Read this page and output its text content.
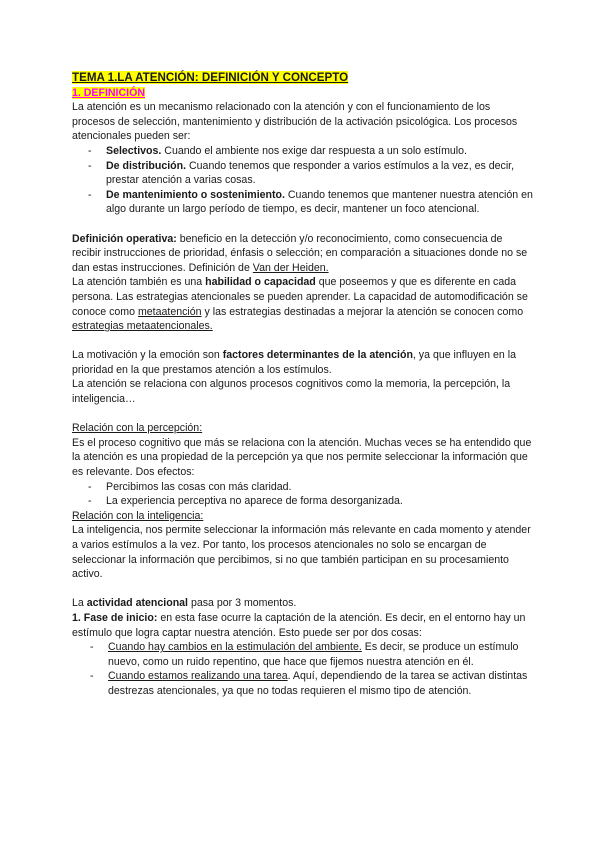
TEMA 1.LA ATENCIÓN: DEFINICIÓN Y CONCEPTO

1. DEFINICIÓN

La atención es un mecanismo relacionado con la atención y con el funcionamiento de los procesos de selección, mantenimiento y distribución de la activación psicológica. Los procesos atencionales pueden ser:

- Selectivos. Cuando el ambiente nos exige dar respuesta a un solo estímulo.
- De distribución. Cuando tenemos que responder a varios estímulos a la vez, es decir, prestar atención a varias cosas.
- De mantenimiento o sostenimiento. Cuando tenemos que mantener nuestra atención en algo durante un largo período de tiempo, es decir, mantener un foco atencional.

Definición operativa: beneficio en la detección y/o reconocimiento, como consecuencia de recibir instrucciones de prioridad, énfasis o selección; en comparación a situaciones donde no se dan estas instrucciones. Definición de Van der Heiden.

La atención también es una habilidad o capacidad que poseemos y que es diferente en cada persona. Las estrategias atencionales se pueden aprender. La capacidad de automodificación se conoce como metaatención y las estrategias destinadas a mejorar la atención se conocen como estrategias metaatencionales.

La motivación y la emoción son factores determinantes de la atención, ya que influyen en la prioridad en la que prestamos atención a los estímulos.

La atención se relaciona con algunos procesos cognitivos como la memoria, la percepción, la inteligencia…

Relación con la percepción:

Es el proceso cognitivo que más se relaciona con la atención. Muchas veces se ha entendido que la atención es una propiedad de la percepción ya que nos permite seleccionar la información que es relevante. Dos efectos:

- Percibimos las cosas con más claridad.
- La experiencia perceptiva no aparece de forma desorganizada.

Relación con la inteligencia:

La inteligencia, nos permite seleccionar la información más relevante en cada momento y atender a varios estímulos a la vez. Por tanto, los procesos atencionales no solo se encargan de seleccionar la información que percibimos, si no que también participan en su procesamiento activo.

La actividad atencional pasa por 3 momentos.

1. Fase de inicio: en esta fase ocurre la captación de la atención. Es decir, en el entorno hay un estímulo que logra captar nuestra atención. Esto puede ser por dos cosas:

- Cuando hay cambios en la estimulación del ambiente. Es decir, se produce un estímulo nuevo, como un ruido repentino, que hace que fijemos nuestra atención en él.
- Cuando estamos realizando una tarea. Aquí, dependiendo de la tarea se activan distintas destrezas atencionales, ya que no todas requieren el mismo tipo de atención.
